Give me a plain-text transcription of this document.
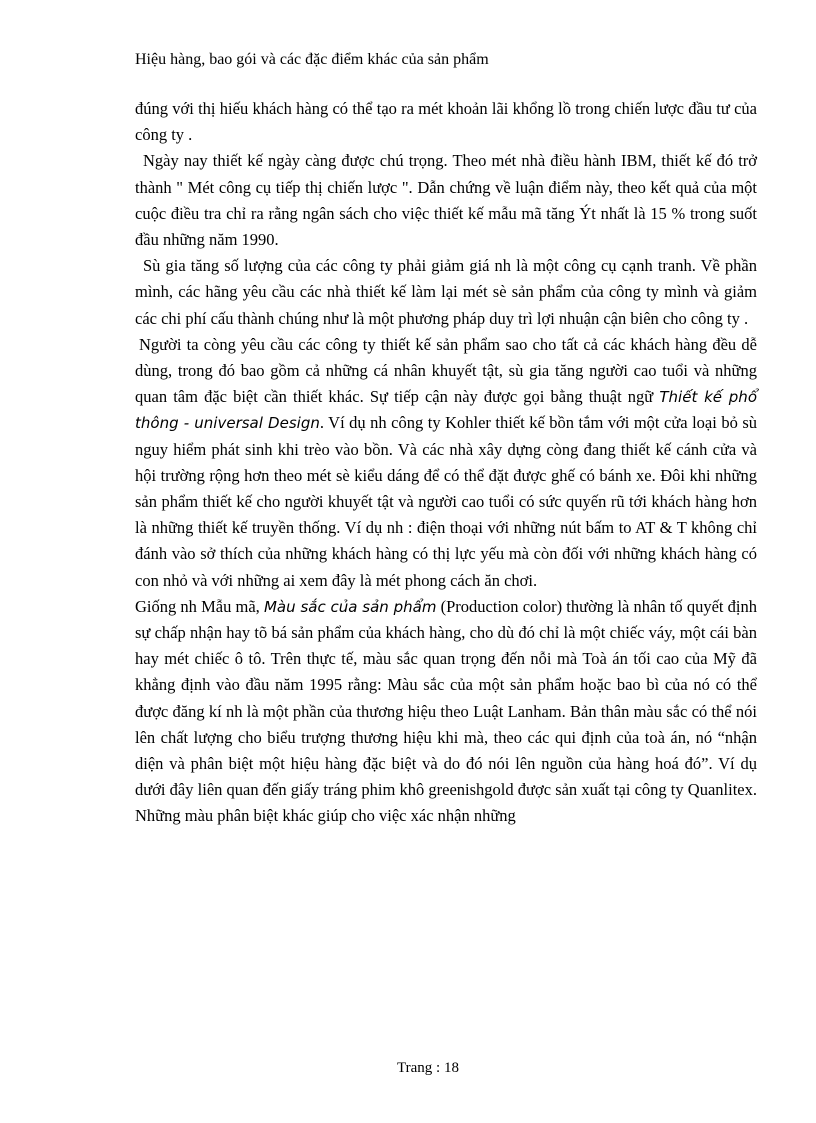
Hiệu hàng, bao gói và các đặc điểm khác của sản phẩm

đúng với thị hiếu khách hàng có thể tạo ra mét khoản lãi khổng lồ trong chiến lược đầu tư của công ty .

Ngày nay thiết kế ngày càng được chú trọng. Theo mét nhà điều hành IBM, thiết kế đó trở thành " Mét công cụ tiếp thị chiến lược ". Dẫn chứng về luận điểm này, theo kết quả của một cuộc điều tra chỉ ra rằng ngân sách cho việc thiết kế mẫu mã tăng Ýt nhất là 15 % trong suốt đầu những năm 1990.

Sù gia tăng số lượng của các công ty phải giảm giá nh là một công cụ cạnh tranh. Về phần mình, các hãng yêu cầu các nhà thiết kế làm lại mét sè sản phẩm của công ty mình và giảm các chi phí cấu thành chúng như là một phương pháp duy trì lợi nhuận cận biên cho công ty .

Người ta còng yêu cầu các công ty thiết kế sản phẩm sao cho tất cả các khách hàng đều dễ dùng, trong đó bao gồm cả những cá nhân khuyết tật, sù gia tăng người cao tuổi và những quan tâm đặc biệt cần thiết khác. Sự tiếp cận này được gọi bằng thuật ngữ Thiết kế phổ thông - universal Design. Ví dụ nh công ty Kohler thiết kế bồn tắm với một cửa loại bỏ sù nguy hiểm phát sinh khi trèo vào bồn. Và các nhà xây dựng còng đang thiết kế cánh cửa và hội trường rộng hơn theo mét sè kiểu dáng để có thể đặt được ghế có bánh xe. Đôi khi những sản phẩm thiết kế cho người khuyết tật và người cao tuổi có sức quyến rũ tới khách hàng hơn là những thiết kế truyền thống. Ví dụ nh : điện thoại với những nút bấm to AT & T không chỉ đánh vào sở thích của những khách hàng có thị lực yếu mà còn đối với những khách hàng có con nhỏ và với những ai xem đây là mét phong cách ăn chơi.

Giống nh Mẫu mã, Màu sắc của sản phẩm (Production color) thường là nhân tố quyết định sự chấp nhận hay tõ bá sản phẩm của khách hàng, cho dù đó chỉ là một chiếc váy, một cái bàn hay mét chiếc ô tô. Trên thực tế, màu sắc quan trọng đến nỗi mà Toà án tối cao của Mỹ đã khẳng định vào đầu năm 1995 rằng: Màu sắc của một sản phẩm hoặc bao bì của nó có thể được đăng kí nh là một phần của thương hiệu theo Luật Lanham. Bản thân màu sắc có thể nói lên chất lượng cho biểu trượng thương hiệu khi mà, theo các qui định của toà án, nó “nhận diện và phân biệt một hiệu hàng đặc biệt và do đó nói lên nguồn của hàng hoá đó”. Ví dụ dưới đây liên quan đến giấy tráng phim khô greenishgold được sản xuất tại công ty Quanlitex. Những màu phân biệt khác giúp cho việc xác nhận những

Trang : 18
